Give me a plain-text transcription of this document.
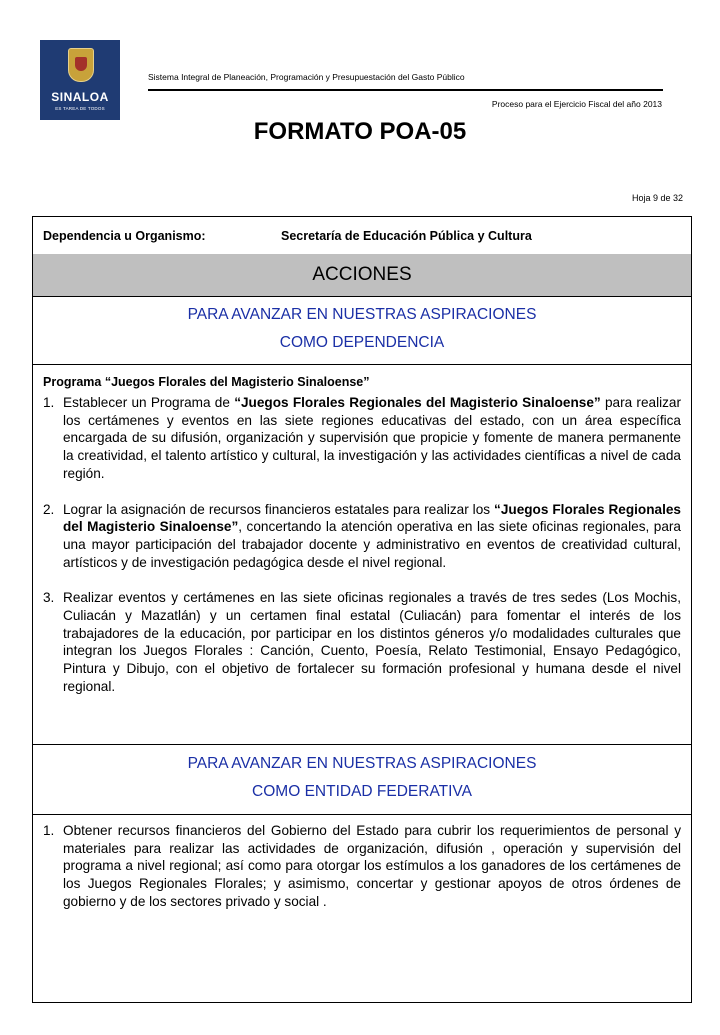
SINALOA
ES TAREA DE TODOS
Sistema Integral de Planeación, Programación y Presupuestación del Gasto Público
Proceso para el Ejercicio Fiscal del año 2013
FORMATO POA-05
Hoja 9 de 32
Dependencia u Organismo:	Secretaría de Educación Pública y Cultura
ACCIONES
PARA AVANZAR EN NUESTRAS ASPIRACIONES
COMO DEPENDENCIA
Programa “Juegos Florales del Magisterio Sinaloense”
1. Establecer un Programa de “Juegos Florales Regionales del Magisterio Sinaloense” para realizar los certámenes y eventos en las siete regiones educativas del estado, con un área específica encargada de su difusión, organización y supervisión que propicie y fomente de manera permanente la creatividad, el talento artístico y cultural, la investigación y las actividades científicas a nivel de cada región.
2. Lograr la asignación de recursos financieros estatales para realizar los “Juegos Florales Regionales del Magisterio Sinaloense”, concertando la atención operativa en las siete oficinas regionales, para una mayor participación del trabajador docente y administrativo en eventos de creatividad cultural, artísticos y de investigación pedagógica desde el nivel regional.
3. Realizar eventos y certámenes en las siete oficinas regionales a través de tres sedes (Los Mochis, Culiacán y Mazatlán) y un certamen final estatal (Culiacán) para fomentar el interés de los trabajadores de la educación, por participar en los distintos géneros y/o modalidades culturales que integran los Juegos Florales : Canción, Cuento, Poesía, Relato Testimonial, Ensayo Pedagógico, Pintura y Dibujo, con el objetivo de fortalecer su formación profesional y humana desde el nivel regional.
PARA AVANZAR EN NUESTRAS ASPIRACIONES
COMO ENTIDAD FEDERATIVA
1. Obtener recursos financieros del Gobierno del Estado para cubrir los requerimientos de personal y materiales para realizar las actividades de organización, difusión , operación y supervisión del programa a nivel regional; así como para otorgar los estímulos a los ganadores de los certámenes de los Juegos Regionales Florales; y asimismo, concertar y gestionar apoyos de otros órdenes de gobierno y de los sectores privado y social .
